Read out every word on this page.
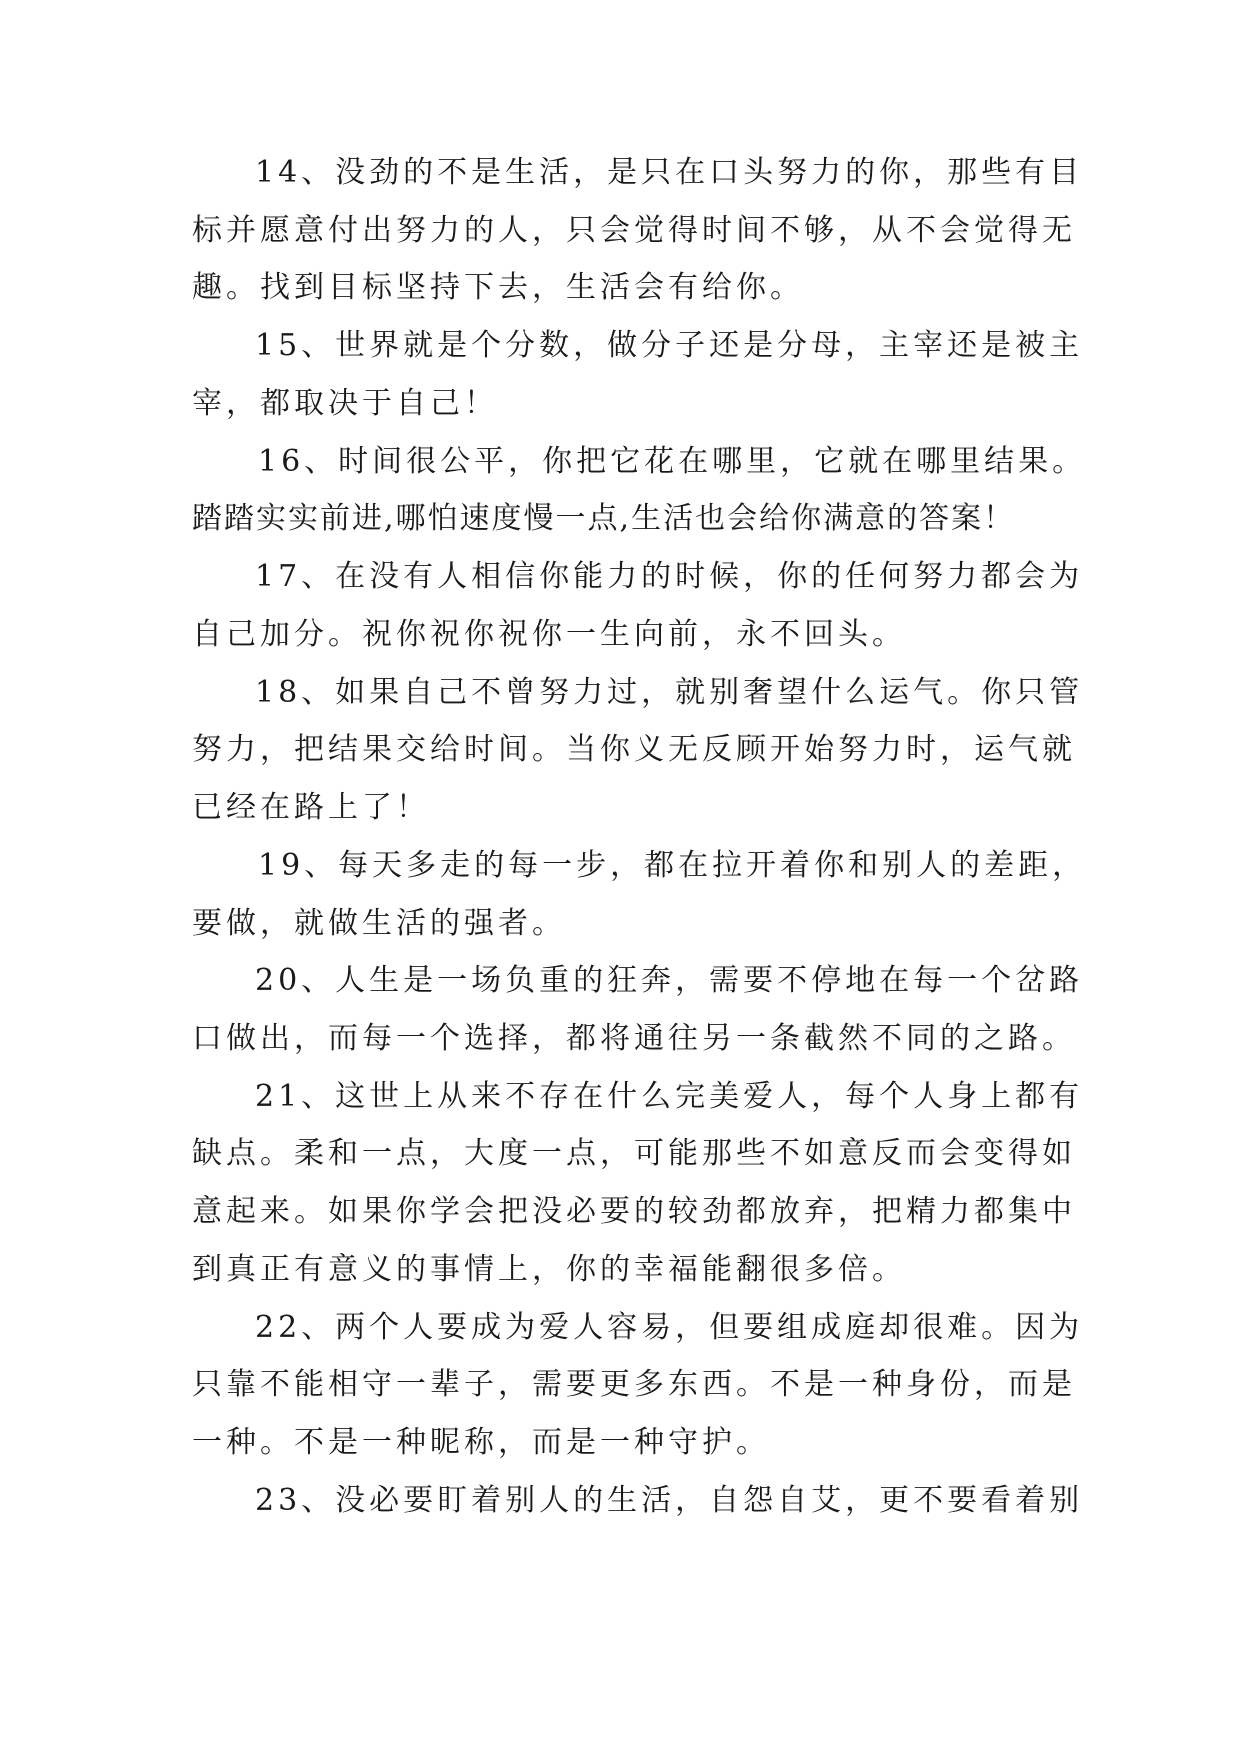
14、没劲的不是生活，是只在口头努力的你，那些有目
标并愿意付出努力的人，只会觉得时间不够，从不会觉得无
趣。找到目标坚持下去，生活会有给你。
15、世界就是个分数，做分子还是分母，主宰还是被主
宰，都取决于自己！
16、时间很公平，你把它花在哪里，它就在哪里结果。
踏踏实实前进,哪怕速度慢一点,生活也会给你满意的答案！
17、在没有人相信你能力的时候，你的任何努力都会为
自己加分。祝你祝你祝你一生向前，永不回头。
18、如果自己不曾努力过，就别奢望什么运气。你只管
努力，把结果交给时间。当你义无反顾开始努力时，运气就
已经在路上了！
19、每天多走的每一步，都在拉开着你和别人的差距，
要做，就做生活的强者。
20、人生是一场负重的狂奔，需要不停地在每一个岔路
口做出，而每一个选择，都将通往另一条截然不同的之路。
21、这世上从来不存在什么完美爱人，每个人身上都有
缺点。柔和一点，大度一点，可能那些不如意反而会变得如
意起来。如果你学会把没必要的较劲都放弃，把精力都集中
到真正有意义的事情上，你的幸福能翻很多倍。
22、两个人要成为爱人容易，但要组成庭却很难。因为
只靠不能相守一辈子，需要更多东西。不是一种身份，而是
一种。不是一种昵称，而是一种守护。
23、没必要盯着别人的生活，自怨自艾，更不要看着别
